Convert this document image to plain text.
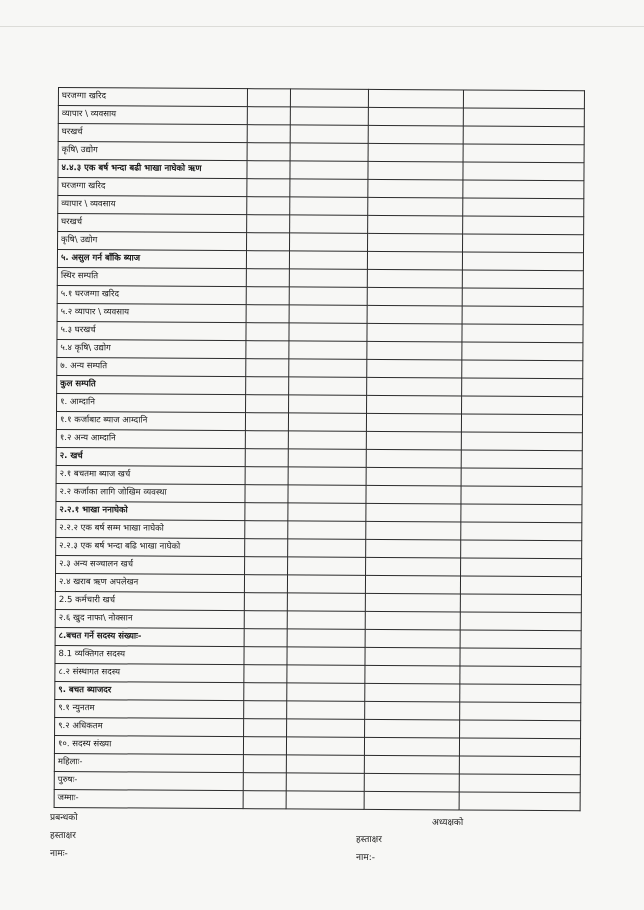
घरजग्गा खरिद				
व्यापार \ व्यवसाय				
घरखर्च				
कृषि\ उद्योग				
४.४.३ एक बर्ष भन्दा बढी भाखा नाघेको ऋण				
घरजग्गा खरिद				
व्यापार \ व्यवसाय				
घरखर्च				
कृषि\ उद्योग				
५. असुल गर्न बाँकि ब्याज				
स्थिर सम्पति				
५.१ घरजग्गा खरिद				
५.२ व्यापार \ व्यवसाय				
५.३ घरखर्च				
५.४ कृषि\ उद्योग				
७. अन्य सम्पति				
कुल सम्पति				
१. आम्दानि				
१.१ कर्जाबाट ब्याज आम्दानि				
१.२ अन्य आम्दानि				
२. खर्च				
२.१ बचतमा ब्याज खर्च				
२.२ कर्जाका लागि जोखिम व्यवस्था				
२.२.१ भाखा ननाघेको				
२.२.२ एक बर्ष सम्म भाखा नाघेको				
२.२.३ एक बर्ष भन्दा बढि भाखा नाघेको				
२.३ अन्य सञ्चालन खर्च				
२.४ खराब ऋण अपलेखन				
2.5 कर्मचारी खर्च				
२.६ खुद नाफा\ नोक्सान				
८.बचत गर्ने सदस्य संख्याः-				
8.1 व्यक्तिगत सदस्य				
८.२ संस्थागत सदस्य				
९. बचत ब्याजदर				
९.१ न्युनतम				
९.२ अधिकतम				
१०. सदस्य संख्या				
महिलाः-				
पुरुषः-				
जम्माः-				
प्रबन्धको
हस्ताक्षर
नामः-
अध्यक्षको
हस्ताक्षर
नाम:-
